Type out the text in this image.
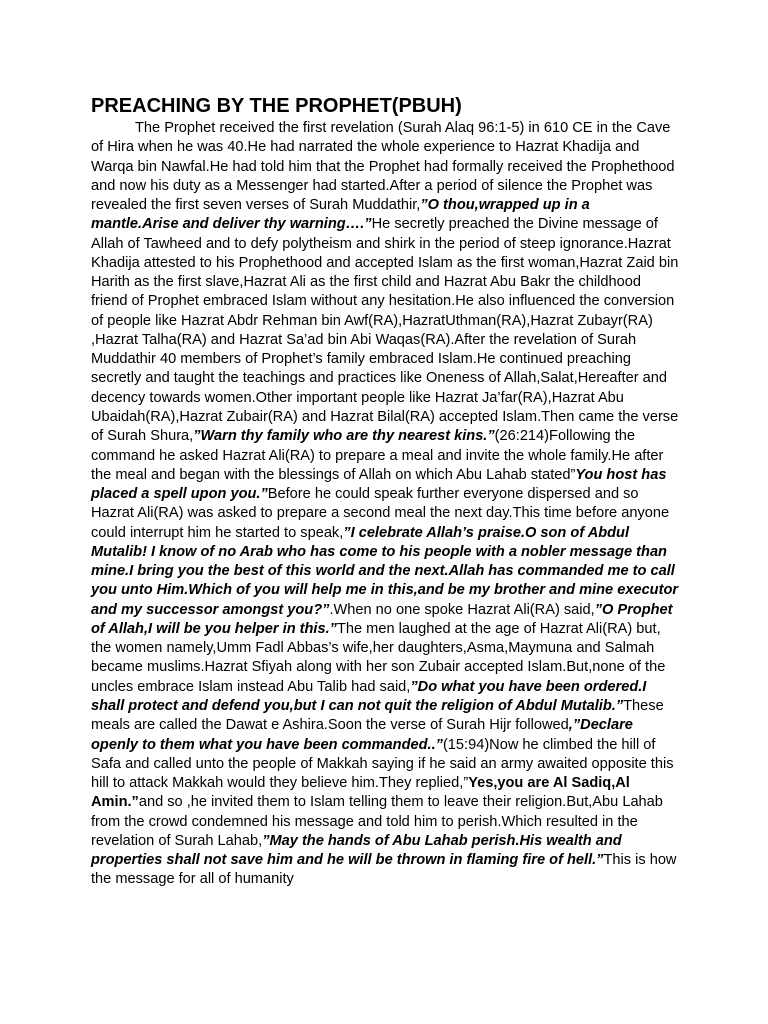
PREACHING BY THE PROPHET(PBUH)

The Prophet received the first revelation (Surah Alaq 96:1-5) in 610 CE in the Cave of Hira when he was 40.He had narrated the whole experience to Hazrat Khadija and Warqa bin Nawfal.He had told him that the Prophet had formally received the Prophethood and now his duty as a Messenger had started.After a period of silence the Prophet was revealed the first seven verses of Surah Muddathir,”O thou,wrapped up in a mantle.Arise and deliver thy warning….”He secretly preached the Divine message of Allah of Tawheed and to defy polytheism and shirk in the period of steep ignorance.Hazrat Khadija attested to his Prophethood and accepted Islam as the first woman,Hazrat Zaid bin Harith as the first slave,Hazrat Ali as the first child and Hazrat Abu Bakr the childhood friend of Prophet embraced Islam without any hesitation.He also influenced the conversion of people like Hazrat Abdr Rehman bin Awf(RA),HazratUthman(RA),Hazrat Zubayr(RA) ,Hazrat Talha(RA) and Hazrat Sa’ad bin Abi Waqas(RA).After the revelation of Surah Muddathir 40 members of Prophet’s family embraced Islam.He continued preaching secretly and taught the teachings and practices like Oneness of Allah,Salat,Hereafter and decency towards women.Other important people like Hazrat Ja’far(RA),Hazrat Abu Ubaidah(RA),Hazrat Zubair(RA) and Hazrat Bilal(RA) accepted Islam.Then came the verse of Surah Shura,”Warn thy family who are thy nearest kins.”(26:214)Following the command he asked Hazrat Ali(RA) to prepare a meal and invite the whole family.He after the meal and began with the blessings of Allah on which Abu Lahab stated”You host has placed a spell upon you.”Before he could speak further everyone dispersed and so Hazrat Ali(RA) was asked to prepare a second meal the next day.This time before anyone could interrupt him he started to speak,”I celebrate Allah’s praise.O son of Abdul Mutalib! I know of no Arab who has come to his people with a nobler message than mine.I bring you the best of this world and the next.Allah has commanded me to call you unto Him.Which of you will help me in this,and be my brother and mine executor and my successor amongst you?”.When no one spoke Hazrat Ali(RA) said,”O Prophet of Allah,I will be you helper in this.”The men laughed at the age of Hazrat Ali(RA) but, the women namely,Umm Fadl Abbas’s wife,her daughters,Asma,Maymuna and Salmah became muslims.Hazrat Sfiyah along with her son Zubair accepted Islam.But,none of the uncles embrace Islam instead Abu Talib had said,”Do what you have been ordered.I shall protect and defend you,but I can not quit the religion of Abdul Mutalib.”These meals are called the Dawat e Ashira.Soon the verse of Surah Hijr followed,”Declare openly to them what you have been commanded..”(15:94)Now he climbed the hill of Safa and called unto the people of Makkah saying if he said an army awaited opposite this hill to attack Makkah would they believe him.They replied,”Yes,you are Al Sadiq,Al Amin.”and so ,he invited them to Islam telling them to leave their religion.But,Abu Lahab from the crowd condemned his message and told him to perish.Which resulted in the revelation of Surah Lahab,”May the hands of Abu Lahab perish.His wealth and properties shall not save him and he will be thrown in flaming fire of hell.”This is how the message for all of humanity
